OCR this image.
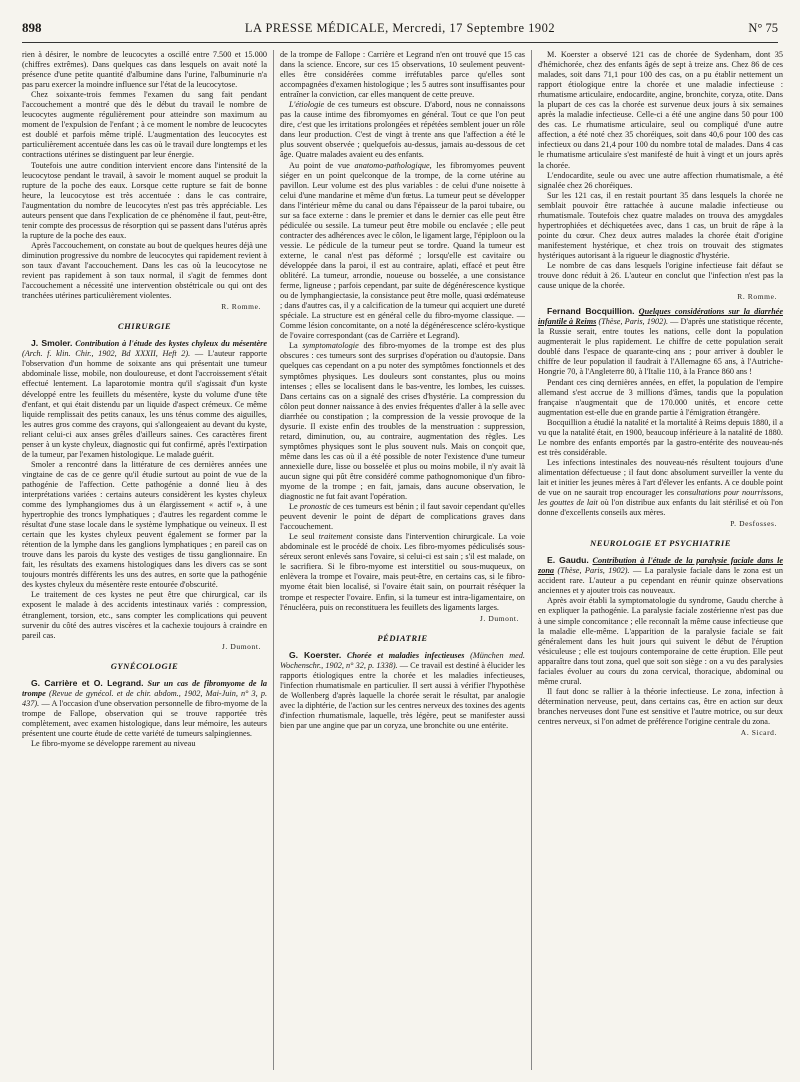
898	LA PRESSE MÉDICALE, Mercredi, 17 Septembre 1902	N° 75

rien à désirer, le nombre de leucocytes a oscillé entre 7.500 et 15.000 (chiffres extrêmes). Dans quelques cas dans lesquels on avait noté la présence d'une petite quantité d'albumine dans l'urine, l'albuminurie n'a pas paru exercer la moindre influence sur l'état de la leucocytose.

Chez soixante-trois femmes l'examen du sang fait pendant l'accouchement a montré que dès le début du travail le nombre de leucocytes augmente régulièrement pour atteindre son maximum au moment de l'expulsion de l'enfant ; à ce moment le nombre de leucocytes est doublé et parfois même triplé. L'augmentation des leucocytes est particulièrement accentuée dans les cas où le travail dure longtemps et les contractions utérines se distinguent par leur énergie.

Toutefois une autre condition intervient encore dans l'intensité de la leucocytose pendant le travail, à savoir le moment auquel se produit la rupture de la poche des eaux. Lorsque cette rupture se fait de bonne heure, la leucocytose est très accentuée : dans le cas contraire, l'augmentation du nombre de leucocytes n'est pas très appréciable. Les auteurs pensent que dans l'explication de ce phénomène il faut, peut-être, tenir compte des processus de résorption qui se passent dans l'utérus après la rupture de la poche des eaux.

Après l'accouchement, on constate au bout de quelques heures déjà une diminution progressive du nombre de leucocytes qui rapidement revient à son taux d'avant l'accouchement. Dans les cas où la leucocytose ne revient pas rapidement à son taux normal, il s'agit de femmes dont l'accouchement a nécessité une intervention obstétricale ou qui ont des tranchées utérines particulièrement violentes.

R. Romme.
CHIRURGIE

J. Smoler. Contribution à l'étude des kystes chyleux du mésentère (Arch. f. klin. Chir., 1902, Bd XXXII, Heft 2). — L'auteur rapporte l'observation d'un homme de soixante ans qui présentait une tumeur abdominale lisse, mobile, non douloureuse, et dont l'accroissement s'était effectué lentement. La laparotomie montra qu'il s'agissait d'un kyste développé entre les feuillets du mésentère, kyste du volume d'une tête d'enfant, et qui était distendu par un liquide d'aspect crémeux. Ce même liquide remplissait des petits canaux, les uns ténus comme des aiguilles, les autres gros comme des crayons, qui s'allongeaient au devant du kyste, reliant celui-ci aux anses grêles d'ailleurs saines. Ces caractères firent penser à un kyste chyleux, diagnostic qui fut confirmé, après l'extirpation de la tumeur, par l'examen histologique. Le malade guérit.

Smoler a rencontré dans la littérature de ces dernières années une vingtaine de cas de ce genre qu'il étudie surtout au point de vue de la pathogénie de l'affection. Cette pathogénie a donné lieu à des interprétations variées : certains auteurs considèrent les kystes chyleux comme des lymphangiomes dus à un élargissement « actif », à une hypertrophie des troncs lymphatiques ; d'autres les regardent comme le résultat d'une stase locale dans le système lymphatique ou veineux. Il est certain que les kystes chyleux peuvent également se former par la rétention de la lymphe dans les ganglions lymphatiques ; en pareil cas on trouve dans les parois du kyste des vestiges de tissu ganglionnaire. En fait, les résultats des examens histologiques dans les divers cas se sont toujours montrés différents les uns des autres, en sorte que la pathogénie des kystes chyleux du mésentère reste entourée d'obscurité.

Le traitement de ces kystes ne peut être que chirurgical, car ils exposent le malade à des accidents intestinaux variés : compression, étranglement, torsion, etc., sans compter les complications qui peuvent survenir du côté des autres viscères et la cachexie toujours à craindre en pareil cas.

J. Dumont.
GYNÉCOLOGIE

G. Carrière et O. Legrand. Sur un cas de fibromyome de la trompe (Revue de gynécol. et de chir. abdom., 1902, Mai-Juin, n° 3, p. 437). — A l'occasion d'une observation personnelle de fibro-myome de la trompe de Fallope, observation qui se trouve rapportée très complètement, avec examen histologique, dans leur mémoire, les auteurs présentent une courte étude de cette variété de tumeurs salpingiennes.

Le fibro-myome se développe rarement au niveau

de la trompe de Fallope : Carrière et Legrand n'en ont trouvé que 15 cas dans la science. Encore, sur ces 15 observations, 10 seulement peuvent-elles être considérées comme irréfutables parce qu'elles sont accompagnées d'examen histologique ; les 5 autres sont insuffisantes pour entraîner la conviction, car elles manquent de cette preuve.

L'étiologie de ces tumeurs est obscure. D'abord, nous ne connaissons pas la cause intime des fibromyomes en général. Tout ce que l'on peut dire, c'est que les irritations prolongées et répétées semblent jouer un rôle dans leur production. C'est de vingt à trente ans que l'affection a été le plus souvent observée ; quelquefois au-dessus, jamais au-dessous de cet âge. Quatre malades avaient eu des enfants.

Au point de vue anatomo-pathologique, les fibromyomes peuvent siéger en un point quelconque de la trompe, de la corne utérine au pavillon. Leur volume est des plus variables : de celui d'une noisette à celui d'une mandarine et même d'un fœtus. La tumeur peut se développer dans l'intérieur même du canal ou dans l'épaisseur de la paroi tubaire, ou sur sa face externe : dans le premier et dans le dernier cas elle peut être pédiculée ou sessile. La tumeur peut être mobile ou enclavée ; elle peut contracter des adhérences avec le côlon, le ligament large, l'épiploon ou la vessie. Le pédicule de la tumeur peut se tordre. Quand la tumeur est externe, le canal n'est pas déformé ; lorsqu'elle est cavitaire ou développée dans la paroi, il est au contraire, aplati, effacé et peut être oblitéré. La tumeur, arrondie, noueuse ou bosselée, a une consistance ferme, ligneuse ; parfois cependant, par suite de dégénérescence kystique ou de lymphangiectasie, la consistance peut être molle, quasi œdémateuse ; dans d'autres cas, il y a calcification de la tumeur qui acquiert une dureté spéciale. La structure est en général celle du fibro-myome classique. — Comme lésion concomitante, on a noté la dégénérescence scléro-kystique de l'ovaire correspondant (cas de Carrière et Legrand).

La symptomatologie des fibro-myomes de la trompe est des plus obscures : ces tumeurs sont des surprises d'opération ou d'autopsie. Dans quelques cas cependant on a pu noter des symptômes fonctionnels et des symptômes physiques. Les douleurs sont constantes, plus ou moins intenses ; elles se localisent dans le bas-ventre, les lombes, les cuisses. Dans certains cas on a signalé des crises d'hystérie. La compression du côlon peut donner naissance à des envies fréquentes d'aller à la selle avec diarrhée ou constipation ; la compression de la vessie provoque de la dysurie. Il existe enfin des troubles de la menstruation : suppression, retard, diminution, ou, au contraire, augmentation des règles. Les symptômes physiques sont le plus souvent nuls. Mais on conçoit que, même dans les cas où il a été possible de noter l'existence d'une tumeur annexielle dure, lisse ou bosselée et plus ou moins mobile, il n'y avait là aucun signe qui pût être considéré comme pathognomonique d'un fibro-myome de la trompe ; en fait, jamais, dans aucune observation, le diagnostic ne fut fait avant l'opération.

Le pronostic de ces tumeurs est bénin ; il faut savoir cependant qu'elles peuvent devenir le point de départ de complications graves dans l'accouchement.

Le seul traitement consiste dans l'intervention chirurgicale. La voie abdominale est le procédé de choix. Les fibro-myomes pédiculisés sous-séreux seront enlevés sans l'ovaire, si celui-ci est sain ; s'il est malade, on le sacrifiera. Si le fibro-myome est interstitiel ou sous-muqueux, on enlèvera la trompe et l'ovaire, mais peut-être, en certains cas, si le fibro-myome était bien localisé, si l'ovaire était sain, on pourrait réséquer la trompe et respecter l'ovaire. Enfin, si la tumeur est intra-ligamentaire, on l'énucléera, puis on reconstituera les feuillets des ligaments larges.

J. Dumont.
PÉDIATRIE

G. Koerster. Chorée et maladies infectieuses (München med. Wochenschr., 1902, n° 32, p. 1338). — Ce travail est destiné à élucider les rapports étiologiques entre la chorée et les maladies infectieuses, l'infection rhumatismale en particulier. Il sert aussi à vérifier l'hypothèse de Wollenberg d'après laquelle la chorée serait le résultat, par analogie avec la diphtérie, de l'action sur les centres nerveux des toxines des agents d'infection rhumatismale, laquelle, très légère, peut se manifester aussi bien par une angine que par un coryza, une bronchite ou une entérite.

M. Koerster a observé 121 cas de chorée de Sydenham, dont 35 d'hémichorée, chez des enfants âgés de sept à treize ans. Chez 86 de ces malades, soit dans 71,1 pour 100 des cas, on a pu établir nettement un rapport étiologique entre la chorée et une maladie infectieuse : rhumatisme articulaire, endocardite, angine, bronchite, coryza, otite. Dans la plupart de ces cas la chorée est survenue deux jours à six semaines après la maladie infectieuse. Celle-ci a été une angine dans 50 pour 100 des cas. Le rhumatisme articulaire, seul ou compliqué d'une autre affection, a été noté chez 35 choréiques, soit dans 40,6 pour 100 des cas infectieux ou dans 21,4 pour 100 du nombre total de malades. Dans 4 cas le rhumatisme articulaire s'est manifesté de huit à vingt et un jours après la chorée.

L'endocardite, seule ou avec une autre affection rhumatismale, a été signalée chez 26 choréiques.

Sur les 121 cas, il en restait pourtant 35 dans lesquels la chorée ne semblait pouvoir être rattachée à aucune maladie infectieuse ou rhumatismale. Toutefois chez quatre malades on trouva des amygdales hypertrophiées et déchiquetées avec, dans 1 cas, un bruit de râpe à la pointe du cœur. Chez deux autres malades la chorée était d'origine manifestement hystérique, et chez trois on trouvait des stigmates hystériques autorisant à la rigueur le diagnostic d'hystérie.

Le nombre de cas dans lesquels l'origine infectieuse fait défaut se trouve donc réduit à 26. L'auteur en conclut que l'infection n'est pas la cause unique de la chorée.

R. Romme.

Fernand Bocquillion. Quelques considérations sur la diarrhée infantile à Reims (Thèse, Paris, 1902). — D'après une statistique récente, la Russie serait, entre toutes les nations, celle dont la population augmenterait le plus rapidement. Le chiffre de cette population serait doublé dans l'espace de quarante-cinq ans ; pour arriver à doubler le chiffre de leur population il faudrait à l'Allemagne 65 ans, à l'Autriche-Hongrie 70, à l'Angleterre 80, à l'Italie 110, à la France 860 ans !

Pendant ces cinq dernières années, en effet, la population de l'empire allemand s'est accrue de 3 millions d'âmes, tandis que la population française n'augmentait que de 170.000 unités, et encore cette augmentation est-elle due en grande partie à l'émigration étrangère.

Bocquillion a étudié la natalité et la mortalité à Reims depuis 1880, il a vu que la natalité était, en 1900, beaucoup inférieure à la natalité de 1880. Le nombre des enfants emportés par la gastro-entérite des nouveau-nés est très considérable.

Les infections intestinales des nouveau-nés résultent toujours d'une alimentation défectueuse ; il faut donc absolument surveiller la vente du lait et initier les jeunes mères à l'art d'élever les enfants. A ce double point de vue on ne saurait trop encourager les consultations pour nourrissons, les gouttes de lait où l'on distribue aux enfants du lait stérilisé et où l'on donne d'excellents conseils aux mères.

P. Desfosses.
NEUROLOGIE ET PSYCHIATRIE

E. Gaudu. Contribution à l'étude de la paralysie faciale dans le zona (Thèse, Paris, 1902). — La paralysie faciale dans le zona est un accident rare. L'auteur a pu cependant en réunir quinze observations anciennes et y ajouter trois cas nouveaux.

Après avoir établi la symptomatologie du syndrome, Gaudu cherche à en expliquer la pathogénie. La paralysie faciale zostérienne n'est pas due à une simple concomitance ; elle reconnaît la même cause infectieuse que la maladie elle-même. L'apparition de la paralysie faciale se fait généralement dans les huit jours qui suivent le début de l'éruption vésiculeuse ; elle est toujours contemporaine de cette éruption. Elle peut apparaître dans tout zona, quel que soit son siège : on a vu des paralysies faciales évoluer au cours du zona cervical, thoracique, abdominal ou même crural.

Il faut donc se rallier à la théorie infectieuse. Le zona, infection à détermination nerveuse, peut, dans certains cas, être en action sur deux branches nerveuses dont l'une est sensitive et l'autre motrice, ou sur deux centres nerveux, si l'on admet de préférence l'origine centrale du zona.

A. Sicard.
